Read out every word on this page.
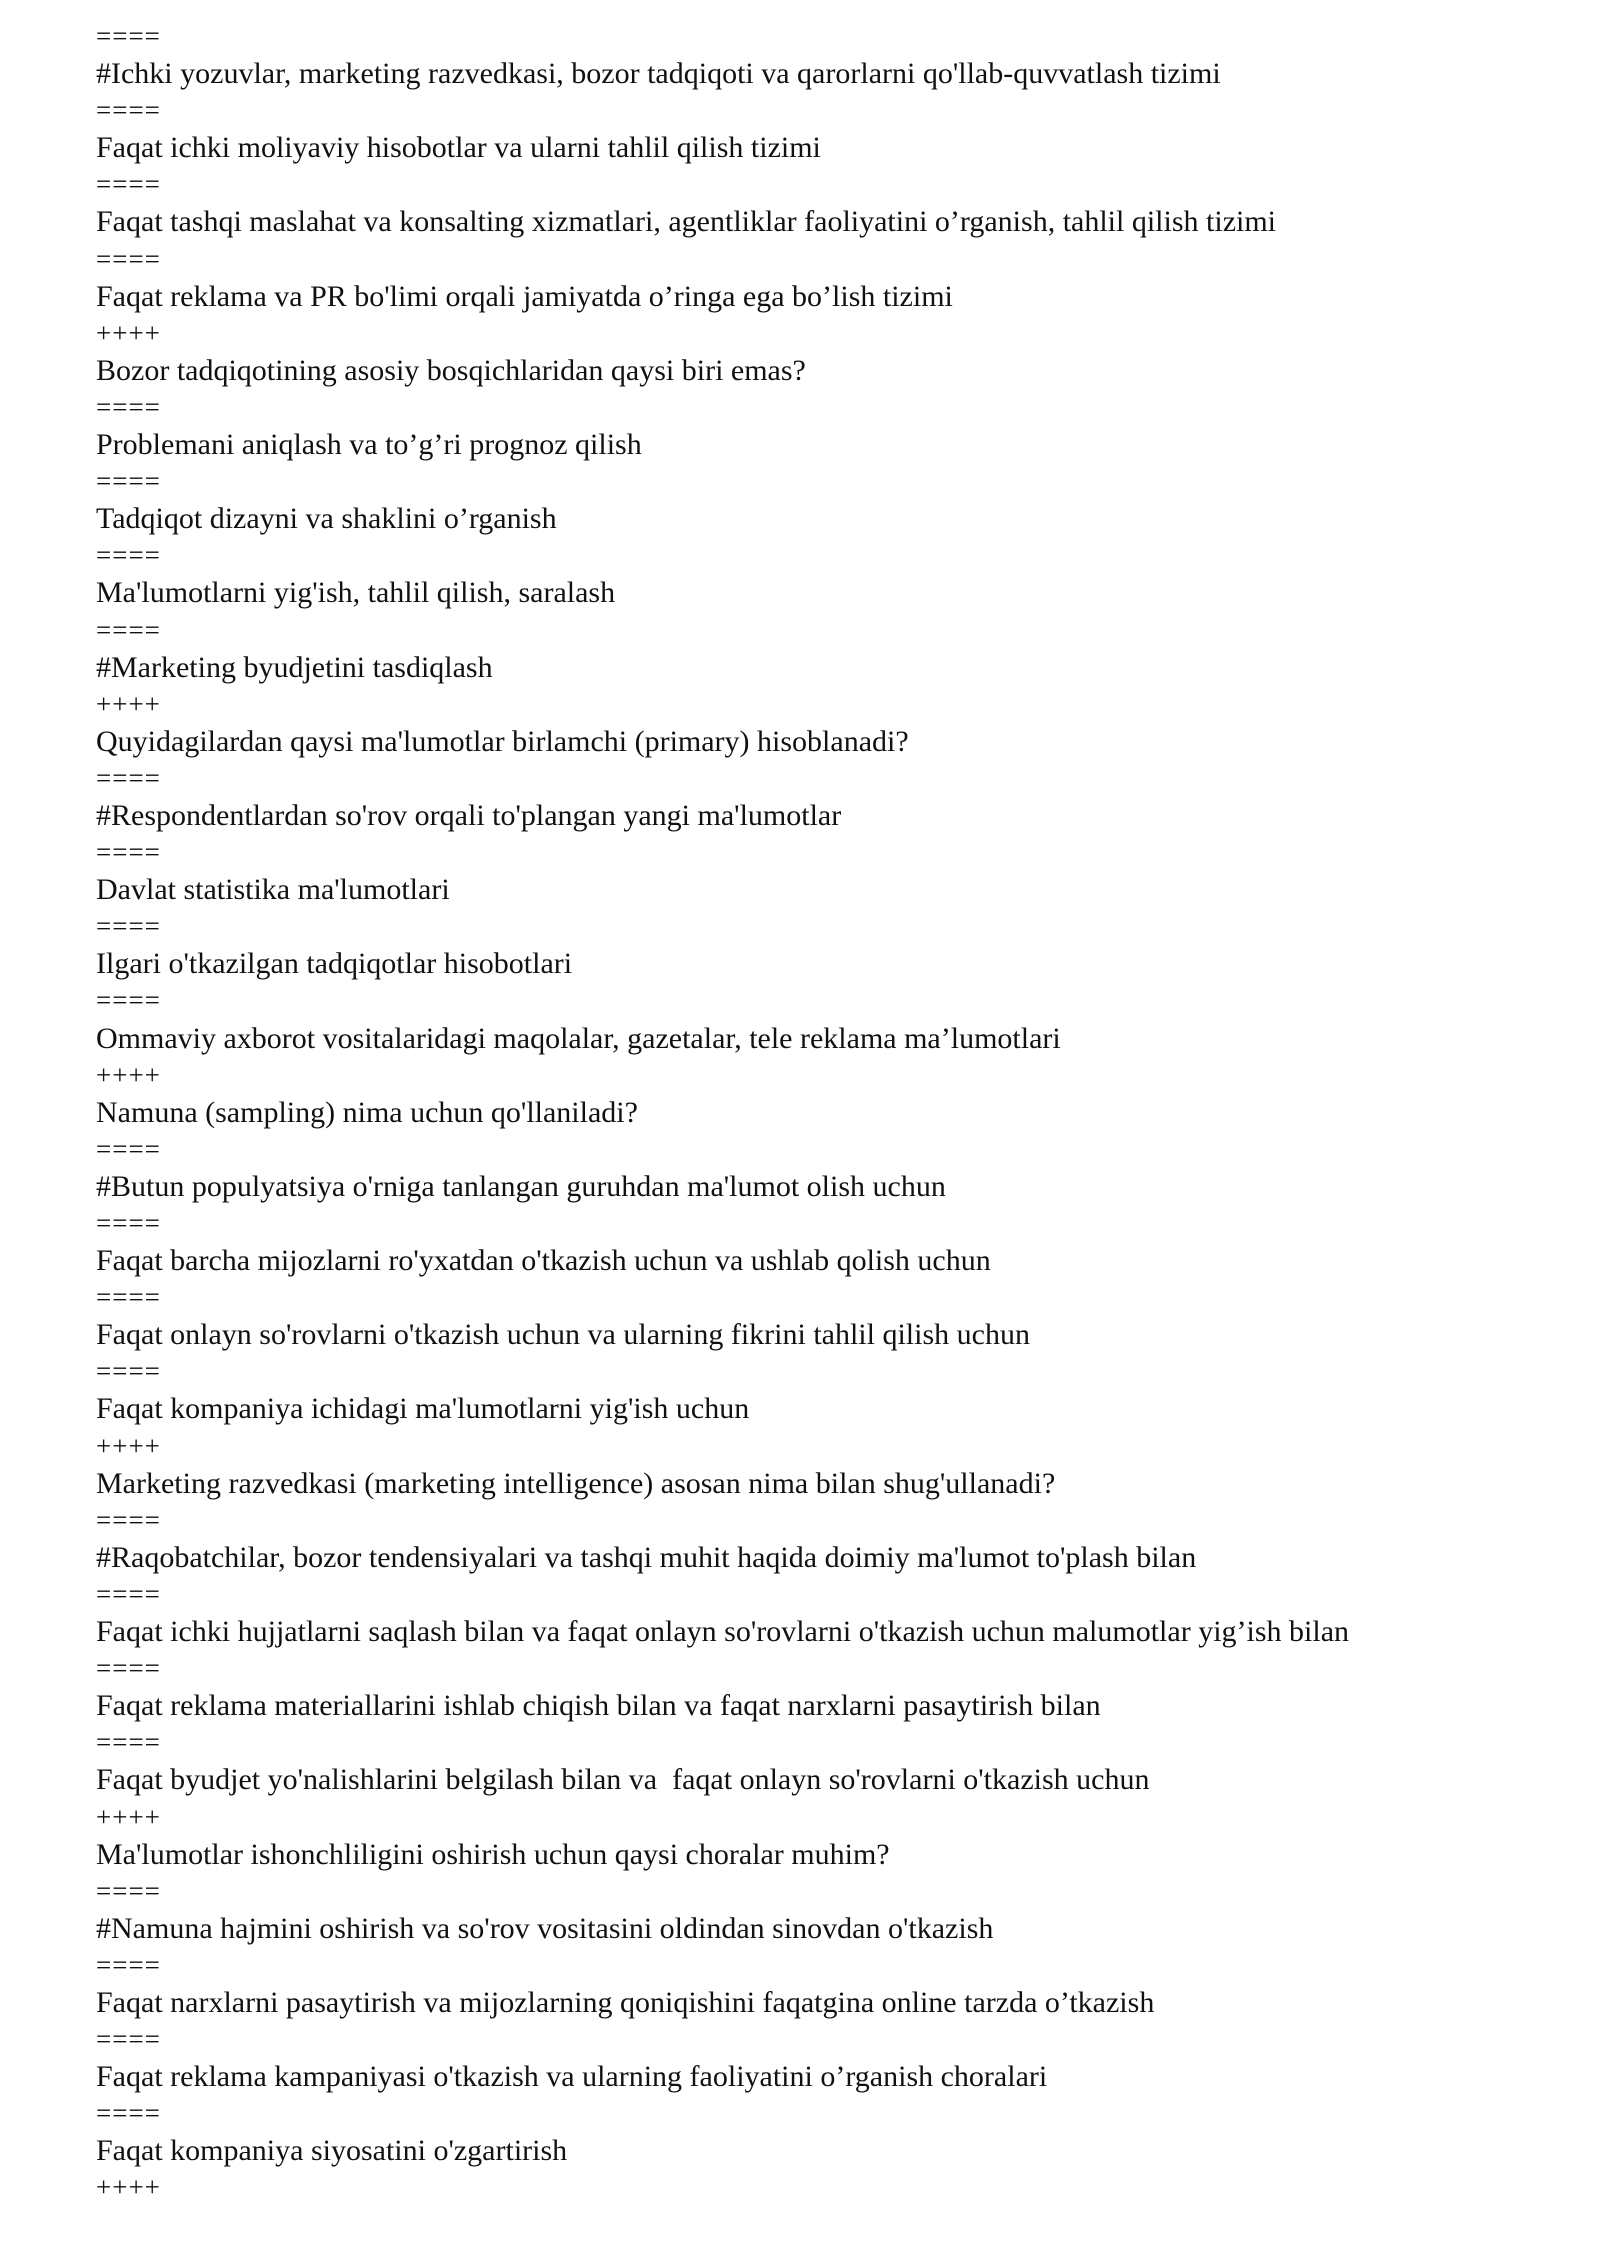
====
#Ichki yozuvlar, marketing razvedkasi, bozor tadqiqoti va qarorlarni qo'llab-quvvatlash tizimi
====
Faqat ichki moliyaviy hisobotlar va ularni tahlil qilish tizimi
====
Faqat tashqi maslahat va konsalting xizmatlari, agentliklar faoliyatini o’rganish, tahlil qilish tizimi
====
Faqat reklama va PR bo'limi orqali jamiyatda o’ringa ega bo’lish tizimi
++++
Bozor tadqiqotining asosiy bosqichlaridan qaysi biri emas?
====
Problemani aniqlash va to’g’ri prognoz qilish
====
Tadqiqot dizayni va shaklini o’rganish
====
Ma'lumotlarni yig'ish, tahlil qilish, saralash
====
#Marketing byudjetini tasdiqlash
++++
Quyidagilardan qaysi ma'lumotlar birlamchi (primary) hisoblanadi?
====
#Respondentlardan so'rov orqali to'plangan yangi ma'lumotlar
====
Davlat statistika ma'lumotlari
====
Ilgari o'tkazilgan tadqiqotlar hisobotlari
====
Ommaviy axborot vositalaridagi maqolalar, gazetalar, tele reklama ma’lumotlari
++++
Namuna (sampling) nima uchun qo'llaniladi?
====
#Butun populyatsiya o'rniga tanlangan guruhdan ma'lumot olish uchun
====
Faqat barcha mijozlarni ro'yxatdan o'tkazish uchun va ushlab qolish uchun
====
Faqat onlayn so'rovlarni o'tkazish uchun va ularning fikrini tahlil qilish uchun
====
Faqat kompaniya ichidagi ma'lumotlarni yig'ish uchun
++++
Marketing razvedkasi (marketing intelligence) asosan nima bilan shug'ullanadi?
====
#Raqobatchilar, bozor tendensiyalari va tashqi muhit haqida doimiy ma'lumot to'plash bilan
====
Faqat ichki hujjatlarni saqlash bilan va faqat onlayn so'rovlarni o'tkazish uchun malumotlar yig’ish bilan
====
Faqat reklama materiallarini ishlab chiqish bilan va faqat narxlarni pasaytirish bilan
====
Faqat byudjet yo'nalishlarini belgilash bilan va  faqat onlayn so'rovlarni o'tkazish uchun
++++
Ma'lumotlar ishonchliligini oshirish uchun qaysi choralar muhim?
====
#Namuna hajmini oshirish va so'rov vositasini oldindan sinovdan o'tkazish
====
Faqat narxlarni pasaytirish va mijozlarning qoniqishini faqatgina online tarzda o’tkazish
====
Faqat reklama kampaniyasi o'tkazish va ularning faoliyatini o’rganish choralari
====
Faqat kompaniya siyosatini o'zgartirish
++++
